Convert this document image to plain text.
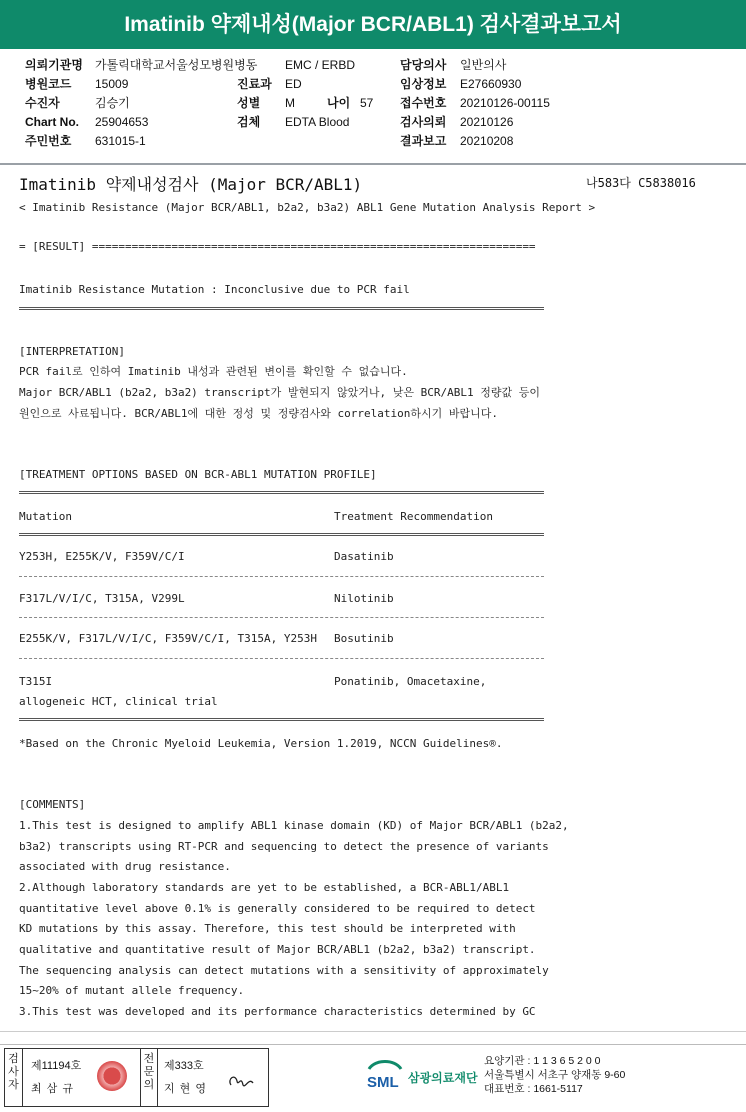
Imatinib 약제내성(Major BCR/ABL1) 검사결과보고서
의뢰기관명 가톨릭대학교서울성모병원병동 EMC / ERBD	담당의사 일반의사
병원코드 15009	진료과 ED	임상정보 E27660930
수진자	김승기	성별 M	나이 57 접수번호 20210126-00115
Chart No. 25904653	검체 EDTA Blood	검사의뢰 20210126
주민번호 631015-1	결과보고 20210208
Imatinib 약제내성검사 (Major BCR/ABL1)	나583다 C5838016
< Imatinib Resistance (Major BCR/ABL1, b2a2, b3a2) ABL1 Gene Mutation Analysis Report >
= [RESULT] ===================================================================
Imatinib Resistance Mutation : Inconclusive due to PCR fail
[INTERPRETATION]
PCR fail로 인하여 Imatinib 내성과 관련된 변이를 확인할 수 없습니다.
Major BCR/ABL1 (b2a2, b3a2) transcript가 발현되지 않았거나, 낮은 BCR/ABL1 정량값 등이
원인으로 사료됩니다. BCR/ABL1에 대한 정성 및 정량검사와 correlation하시기 바랍니다.
[TREATMENT OPTIONS BASED ON BCR-ABL1 MUTATION PROFILE]
Mutation	Treatment Recommendation
Y253H, E255K/V, F359V/C/I	Dasatinib
F317L/V/I/C, T315A, V299L	Nilotinib
E255K/V, F317L/V/I/C, F359V/C/I, T315A, Y253H Bosutinib
T315I	Ponatinib, Omacetaxine,
allogeneic HCT, clinical trial
*Based on the Chronic Myeloid Leukemia, Version 1.2019, NCCN Guidelines®.
[COMMENTS]
1.This test is designed to amplify ABL1 kinase domain (KD) of Major BCR/ABL1 (b2a2,
b3a2) transcripts using RT-PCR and sequencing to detect the presence of variants
associated with drug resistance.
2.Although laboratory standards are yet to be established, a BCR-ABL1/ABL1
quantitative level above 0.1% is generally considered to be required to detect
KD mutations by this assay. Therefore, this test should be interpreted with
qualitative and quantitative result of Major BCR/ABL1 (b2a2, b3a2) transcript.
The sequencing analysis can detect mutations with a sensitivity of approximately
15~20% of mutant allele frequency.
3.This test was developed and its performance characteristics determined by GC
검사자
제11194호
최 삼 규
전문의
제333호
지 현 영	SML 삼광의료재단
요양기관 : 1 1 3 6 5 2 0 0
서울특별시 서초구 양재동 9-60
대표번호 : 1661-5117
